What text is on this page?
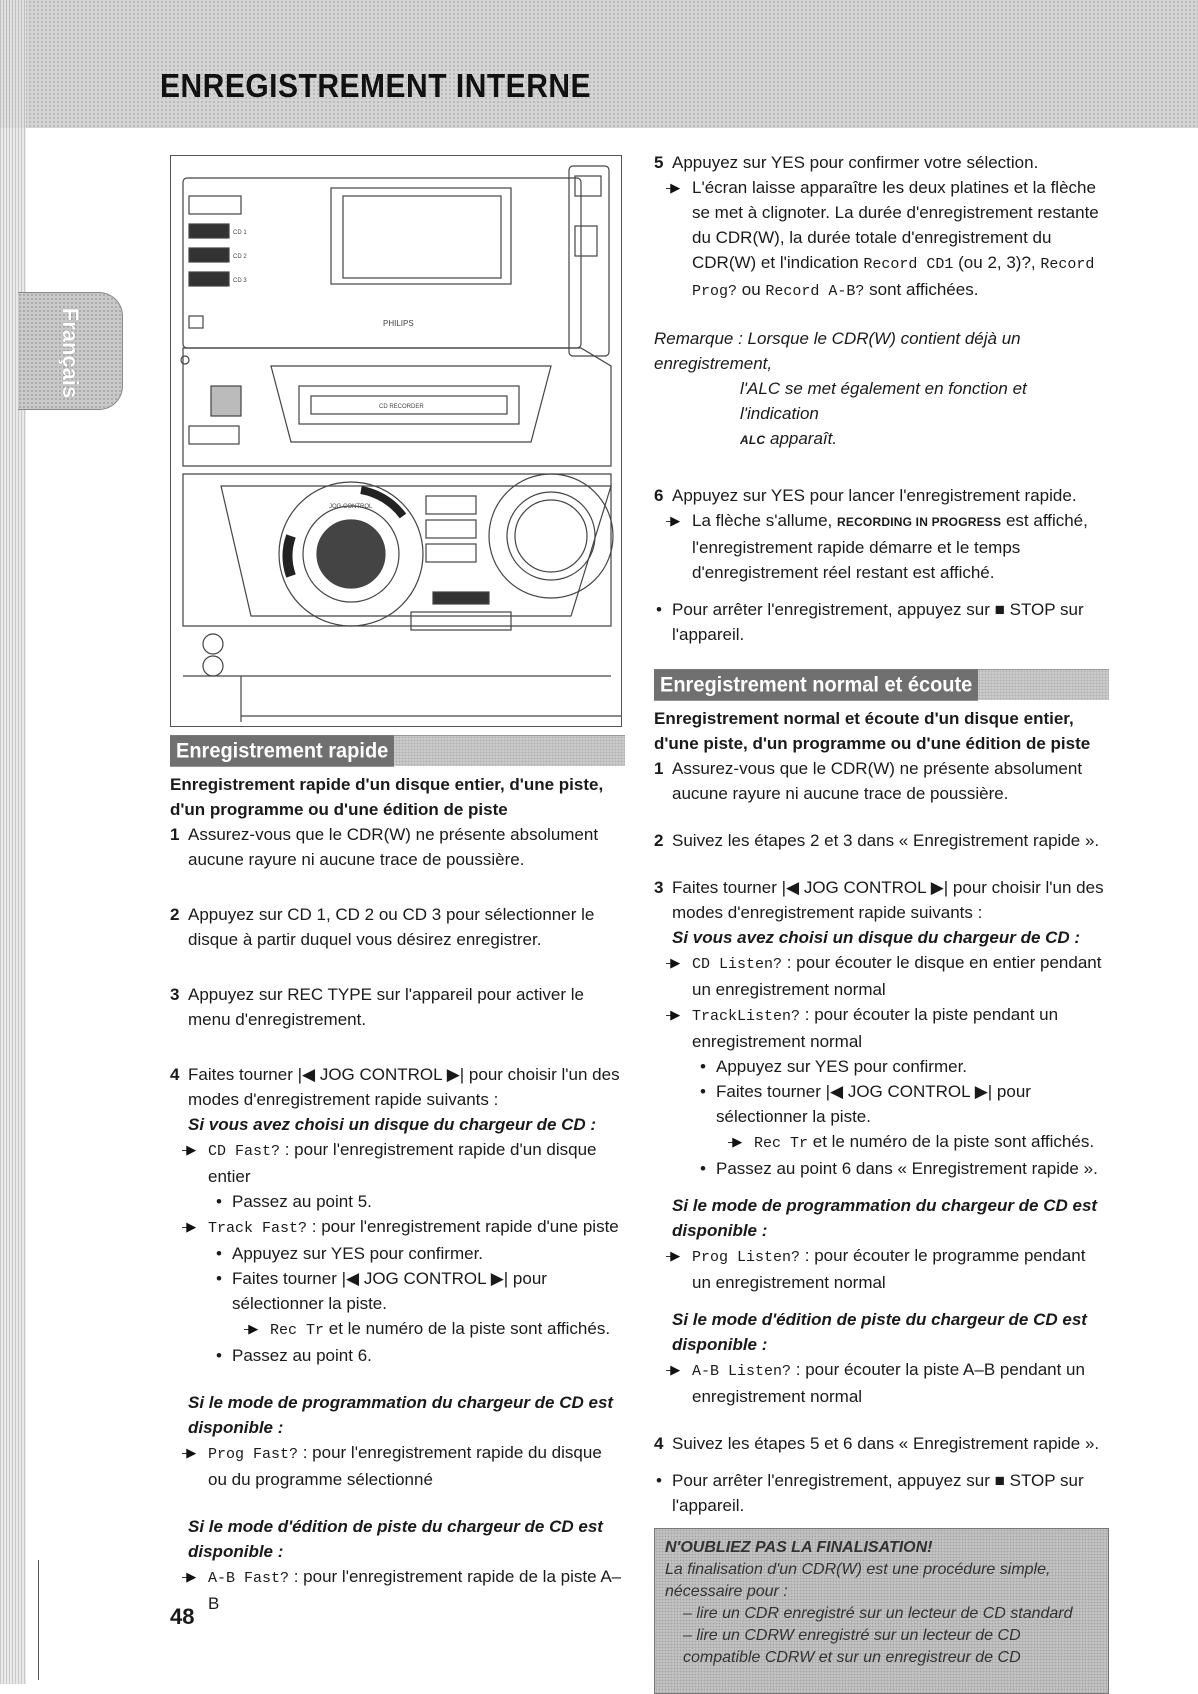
ENREGISTREMENT INTERNE
Français
CD 1
CD 2
CD 3
CD RECORDER
JOG CONTROL
PHILIPS
Enregistrement rapide

Enregistrement rapide d'un disque entier, d'une piste, d'un programme ou d'une édition de piste

1 Assurez-vous que le CDR(W) ne présente absolument aucune rayure ni aucune trace de poussière.

2 Appuyez sur CD 1, CD 2 ou CD 3 pour sélectionner le disque à partir duquel vous désirez enregistrer.

3 Appuyez sur REC TYPE sur l'appareil pour activer le menu d'enregistrement.

4 Faites tourner |◀ JOG CONTROL ▶| pour choisir l'un des modes d'enregistrement rapide suivants :

Si vous avez choisi un disque du chargeur de CD :

–▶ CD Fast? : pour l'enregistrement rapide d'un disque entier

• Passez au point 5.

–▶ Track Fast? : pour l'enregistrement rapide d'une piste

• Appuyez sur YES pour confirmer.

• Faites tourner |◀ JOG CONTROL ▶| pour sélectionner la piste.

–▶ Rec Tr et le numéro de la piste sont affichés.

• Passez au point 6.

Si le mode de programmation du chargeur de CD est disponible :

–▶ Prog Fast? : pour l'enregistrement rapide du disque ou du programme sélectionné

Si le mode d'édition de piste du chargeur de CD est disponible :

–▶ A-B Fast? : pour l'enregistrement rapide de la piste A–B

5 Appuyez sur YES pour confirmer votre sélection.

–▶ L'écran laisse apparaître les deux platines et la flèche se met à clignoter. La durée d'enregistrement restante du CDR(W), la durée totale d'enregistrement du CDR(W) et l'indication Record CD1 (ou 2, 3)?, Record Prog? ou Record A-B? sont affichées.

Remarque : Lorsque le CDR(W) contient déjà un enregistrement,

l'ALC se met également en fonction et l'indication

ALC apparaît.

6 Appuyez sur YES pour lancer l'enregistrement rapide.

–▶ La flèche s'allume, RECORDING IN PROGRESS est affiché, l'enregistrement rapide démarre et le temps d'enregistrement réel restant est affiché.

• Pour arrêter l'enregistrement, appuyez sur ■ STOP sur l'appareil.

Enregistrement normal et écoute

Enregistrement normal et écoute d'un disque entier, d'une piste, d'un programme ou d'une édition de piste

1 Assurez-vous que le CDR(W) ne présente absolument aucune rayure ni aucune trace de poussière.

2 Suivez les étapes 2 et 3 dans « Enregistrement rapide ».

3 Faites tourner |◀ JOG CONTROL ▶| pour choisir l'un des modes d'enregistrement rapide suivants :

Si vous avez choisi un disque du chargeur de CD :

–▶ CD Listen? : pour écouter le disque en entier pendant un enregistrement normal

–▶ TrackListen? : pour écouter la piste pendant un enregistrement normal

• Appuyez sur YES pour confirmer.

• Faites tourner |◀ JOG CONTROL ▶| pour sélectionner la piste.

–▶ Rec Tr et le numéro de la piste sont affichés.

• Passez au point 6 dans « Enregistrement rapide ».

Si le mode de programmation du chargeur de CD est disponible :

–▶ Prog Listen? : pour écouter le programme pendant un enregistrement normal

Si le mode d'édition de piste du chargeur de CD est disponible :

–▶ A-B Listen? : pour écouter la piste A–B pendant un enregistrement normal

4 Suivez les étapes 5 et 6 dans « Enregistrement rapide ».

• Pour arrêter l'enregistrement, appuyez sur ■ STOP sur l'appareil.

N'OUBLIEZ PAS LA FINALISATION!

La finalisation d'un CDR(W) est une procédure simple, nécessaire pour :

– lire un CDR enregistré sur un lecteur de CD standard

– lire un CDRW enregistré sur un lecteur de CD compatible CDRW et sur un enregistreur de CD

48
